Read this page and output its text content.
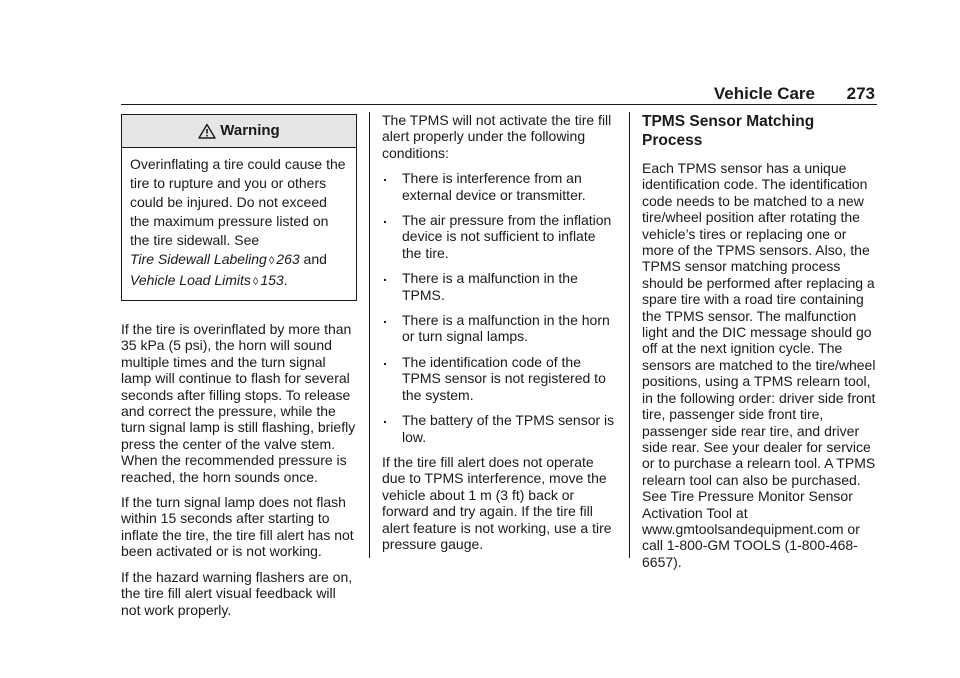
Vehicle Care 273
Warning
Overinflating a tire could cause the tire to rupture and you or others could be injured. Do not exceed the maximum pressure listed on the tire sidewall. See
Tire Sidewall Labeling ◊ 263 and
Vehicle Load Limits ◊ 153.

If the tire is overinflated by more than 35 kPa (5 psi), the horn will sound multiple times and the turn signal lamp will continue to flash for several seconds after filling stops. To release and correct the pressure, while the turn signal lamp is still flashing, briefly press the center of the valve stem. When the recommended pressure is reached, the horn sounds once.

If the turn signal lamp does not flash within 15 seconds after starting to inflate the tire, the tire fill alert has not been activated or is not working.

If the hazard warning flashers are on, the tire fill alert visual feedback will not work properly.

The TPMS will not activate the tire fill alert properly under the following conditions:

. There is interference from an external device or transmitter.
. The air pressure from the inflation device is not sufficient to inflate the tire.
. There is a malfunction in the TPMS.
. There is a malfunction in the horn or turn signal lamps.
. The identification code of the TPMS sensor is not registered to the system.
. The battery of the TPMS sensor is low.

If the tire fill alert does not operate due to TPMS interference, move the vehicle about 1 m (3 ft) back or forward and try again. If the tire fill alert feature is not working, use a tire pressure gauge.

TPMS Sensor Matching Process

Each TPMS sensor has a unique identification code. The identification code needs to be matched to a new tire/wheel position after rotating the vehicle’s tires or replacing one or more of the TPMS sensors. Also, the TPMS sensor matching process should be performed after replacing a spare tire with a road tire containing the TPMS sensor. The malfunction light and the DIC message should go off at the next ignition cycle. The sensors are matched to the tire/wheel positions, using a TPMS relearn tool, in the following order: driver side front tire, passenger side front tire, passenger side rear tire, and driver side rear. See your dealer for service or to purchase a relearn tool. A TPMS relearn tool can also be purchased. See Tire Pressure Monitor Sensor Activation Tool at www.gmtoolsandequipment.com or call 1-800-GM TOOLS (1-800-468-6657).
